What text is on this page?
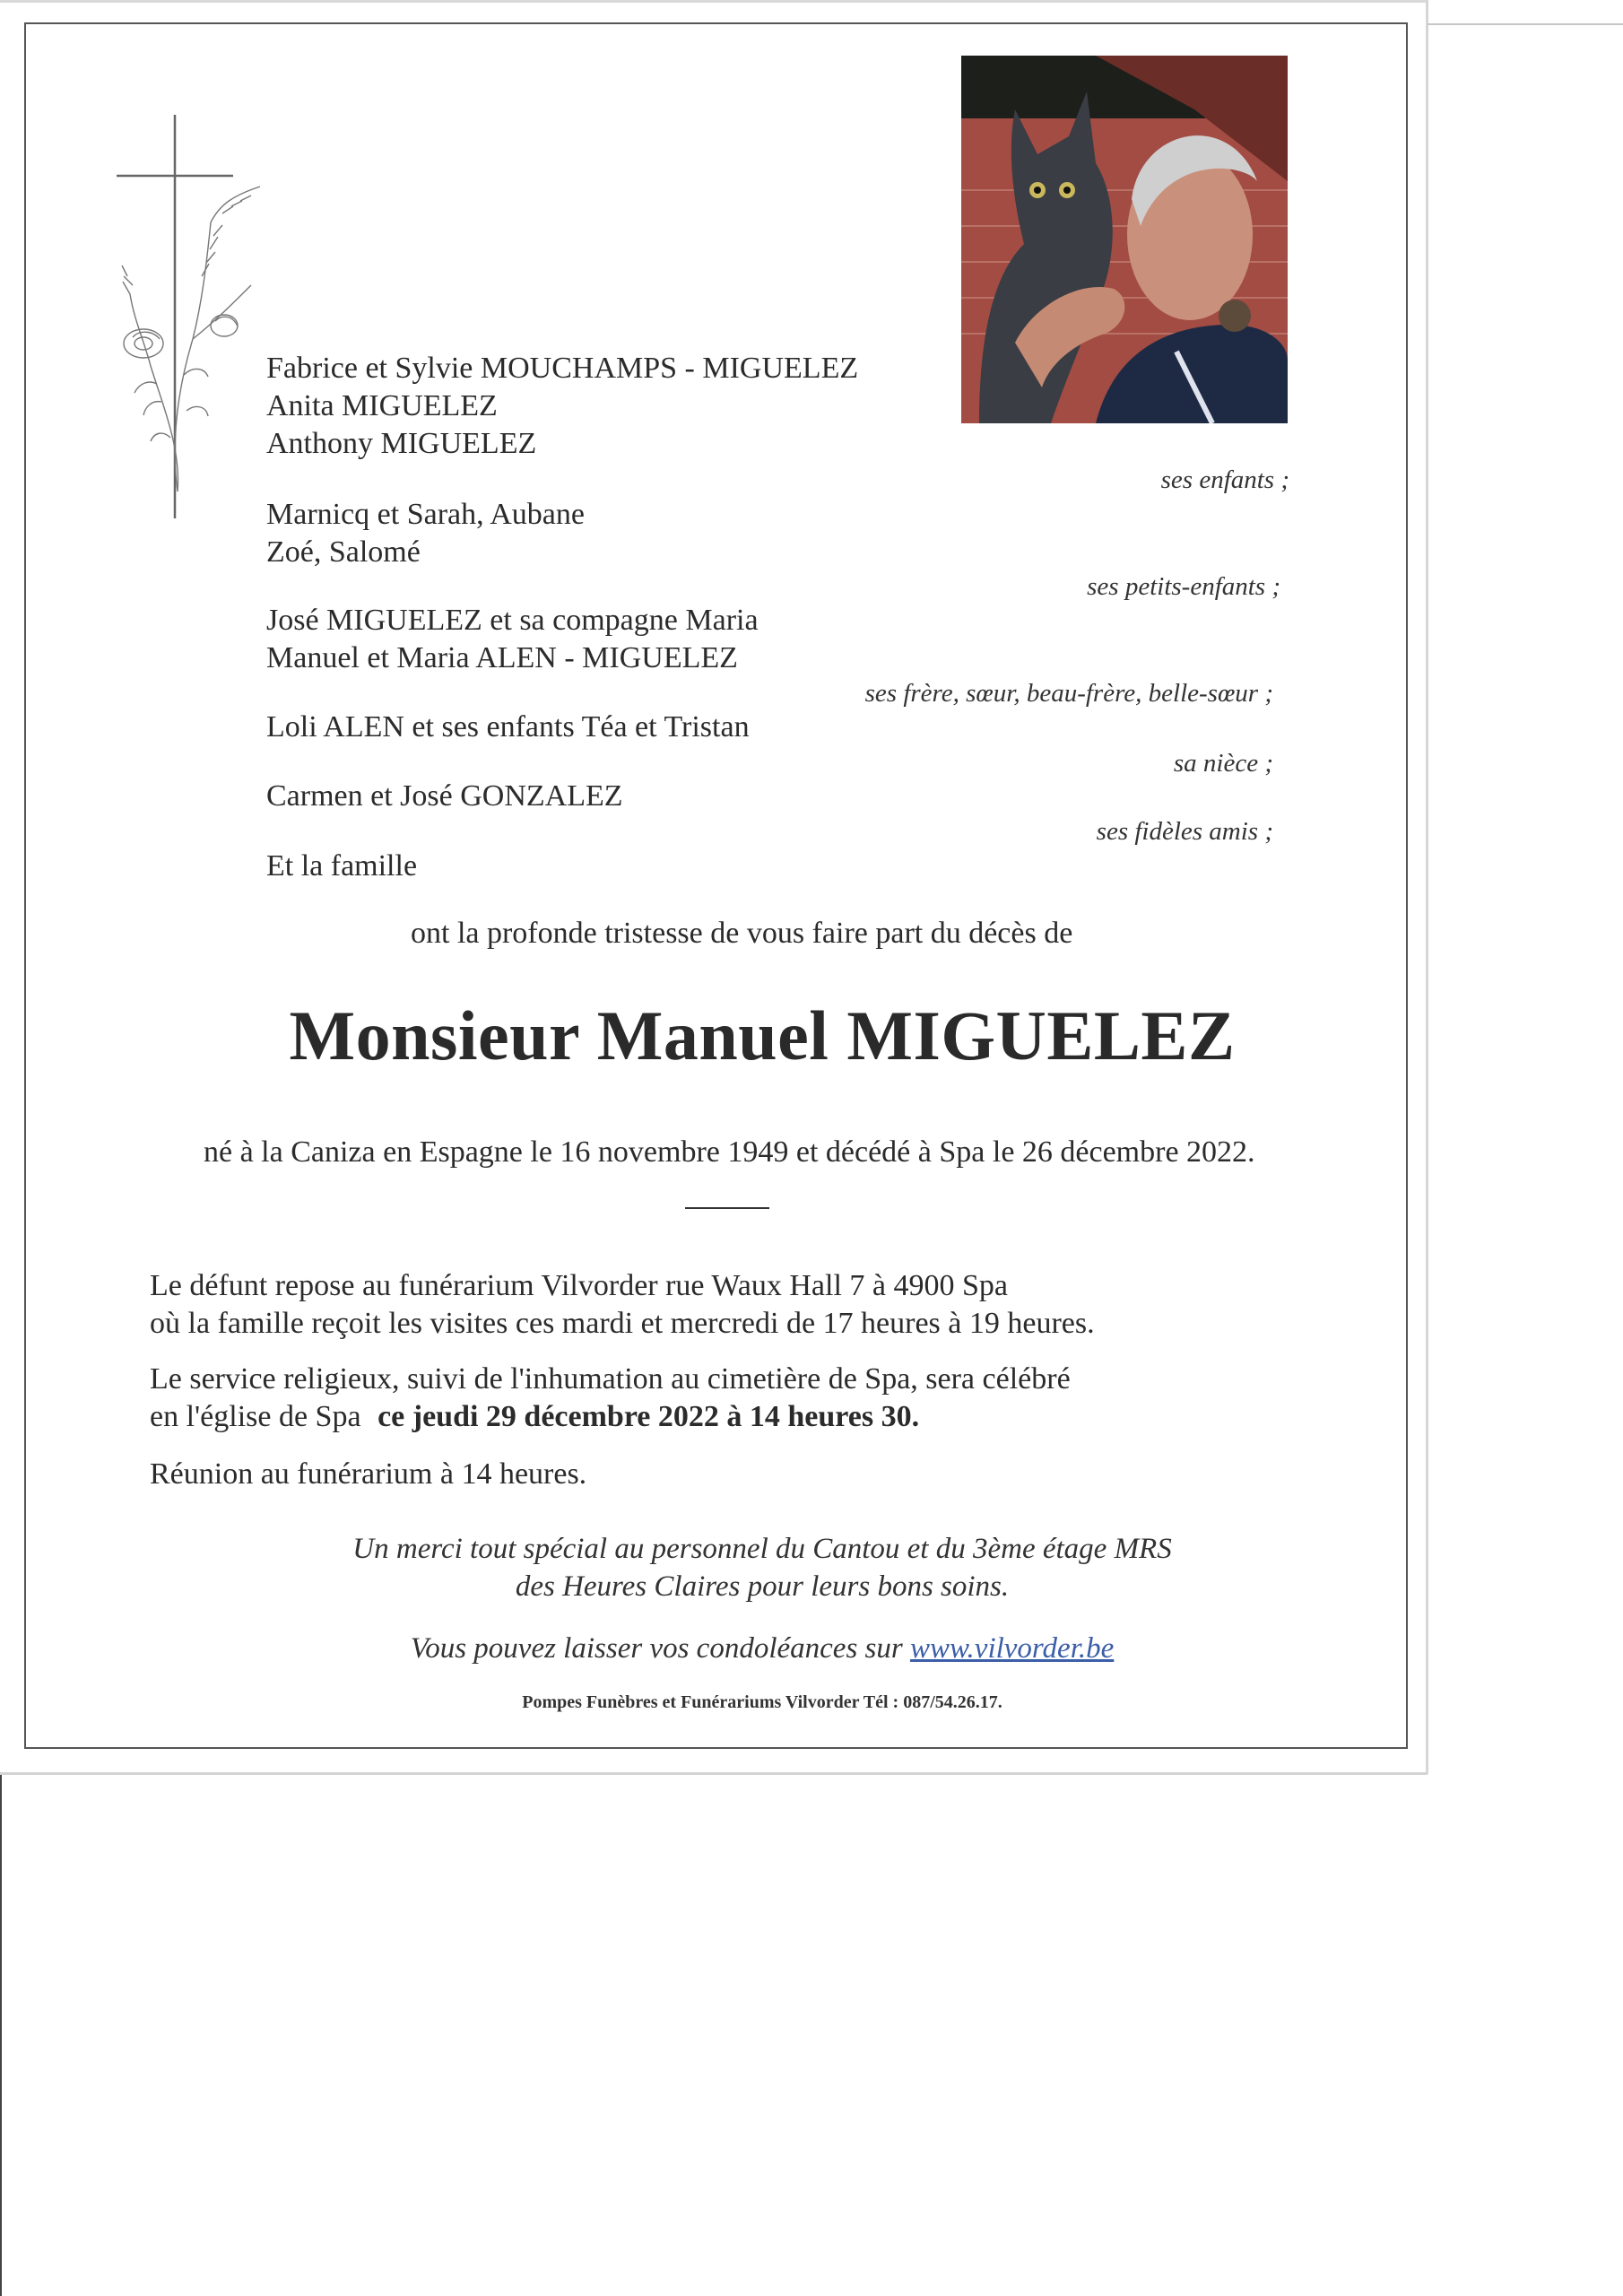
Fabrice et Sylvie MOUCHAMPS - MIGUELEZ
Anita MIGUELEZ
Anthony MIGUELEZ
Marnicq et Sarah, Aubane
Zoé, Salomé
José MIGUELEZ et sa compagne Maria
Manuel et Maria ALEN - MIGUELEZ
Loli ALEN et ses enfants Téa et Tristan
Carmen et José GONZALEZ
Et la famille
ses enfants ;
ses petits-enfants ;
ses frère, sœur, beau-frère, belle-sœur ;
sa nièce ;
ses fidèles amis ;
ont la profonde tristesse de vous faire part du décès de
Monsieur Manuel MIGUELEZ
né à la Caniza en Espagne le 16 novembre 1949 et décédé à Spa le 26 décembre 2022.
Le défunt repose au funérarium Vilvorder rue Waux Hall 7 à 4900 Spa
où la famille reçoit les visites ces mardi et mercredi de 17 heures à 19 heures.
Le service religieux, suivi de l'inhumation au cimetière de Spa, sera célébré
en l'église de Spa ce jeudi 29 décembre 2022 à 14 heures 30.
Réunion au funérarium à 14 heures.
Un merci tout spécial au personnel du Cantou et du 3ème étage MRS
des Heures Claires pour leurs bons soins.
Vous pouvez laisser vos condoléances sur www.vilvorder.be
Pompes Funèbres et Funérariums Vilvorder Tél : 087/54.26.17.
